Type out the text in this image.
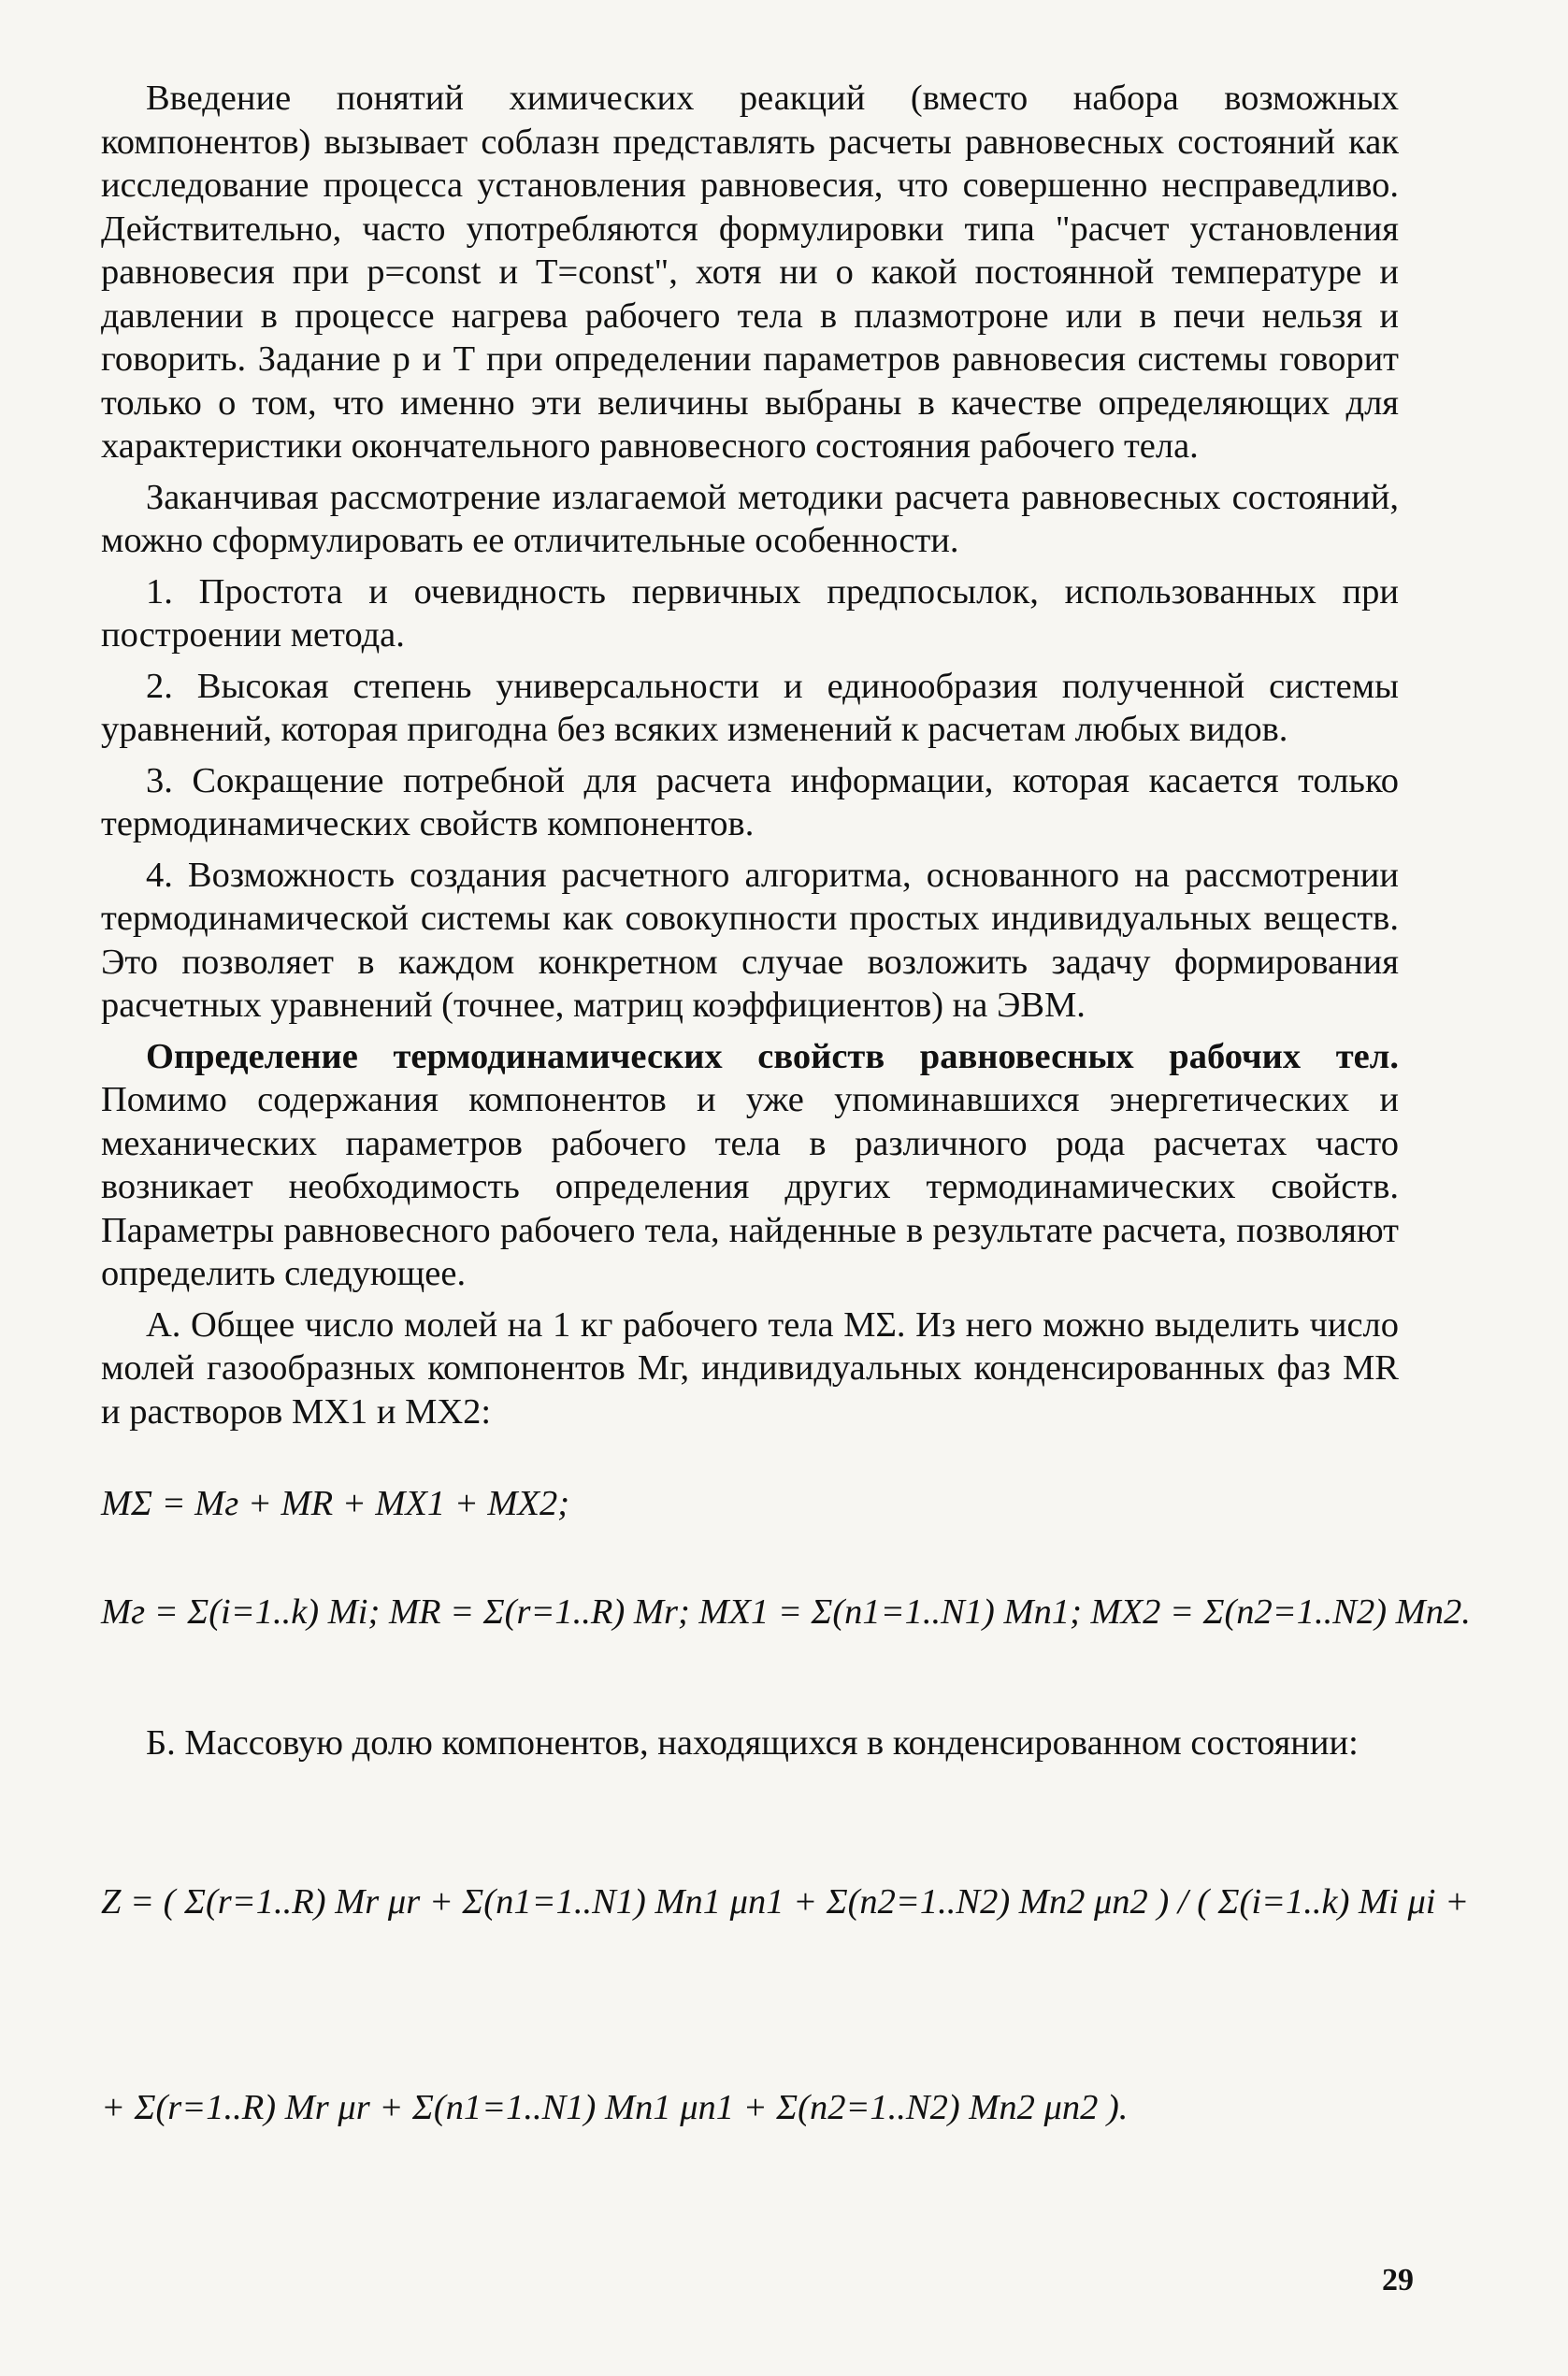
Введение понятий химических реакций (вместо набора возможных компонентов) вызывает соблазн представлять расчеты равновесных состояний как исследование процесса установления равновесия, что совершенно несправедливо. Действительно, часто употребляются формулировки типа "расчет установления равновесия при p=const и T=const", хотя ни о какой постоянной температуре и давлении в процессе нагрева рабочего тела в плазмотроне или в печи нельзя и говорить. Задание p и T при определении параметров равновесия системы говорит только о том, что именно эти величины выбраны в качестве определяющих для характеристики окончательного равновесного состояния рабочего тела.

Заканчивая рассмотрение излагаемой методики расчета равновесных состояний, можно сформулировать ее отличительные особенности.

1. Простота и очевидность первичных предпосылок, использованных при построении метода.

2. Высокая степень универсальности и единообразия полученной системы уравнений, которая пригодна без всяких изменений к расчетам любых видов.

3. Сокращение потребной для расчета информации, которая касается только термодинамических свойств компонентов.

4. Возможность создания расчетного алгоритма, основанного на рассмотрении термодинамической системы как совокупности простых индивидуальных веществ. Это позволяет в каждом конкретном случае возложить задачу формирования расчетных уравнений (точнее, матриц коэффициентов) на ЭВМ.

Определение термодинамических свойств равновесных рабочих тел. Помимо содержания компонентов и уже упоминавшихся энергетических и механических параметров рабочего тела в различного рода расчетах часто возникает необходимость определения других термодинамических свойств. Параметры равновесного рабочего тела, найденные в результате расчета, позволяют определить следующее.

А. Общее число молей на 1 кг рабочего тела MΣ. Из него можно выделить число молей газообразных компонентов Mг, индивидуальных конденсированных фаз MR и растворов MX1 и MX2:

MΣ = Mг + MR + MX1 + MX2;
Mг = Σ(i=1..k) Mi; MR = Σ(r=1..R) Mr; MX1 = Σ(n1=1..N1) Mn1; MX2 = Σ(n2=1..N2) Mn2.

Б. Массовую долю компонентов, находящихся в конденсированном состоянии:

Z = ( Σ(r=1..R) Mr μr + Σ(n1=1..N1) Mn1 μn1 + Σ(n2=1..N2) Mn2 μn2 ) / ( Σ(i=1..k) Mi μi +
+ Σ(r=1..R) Mr μr + Σ(n1=1..N1) Mn1 μn1 + Σ(n2=1..N2) Mn2 μn2 ).
29
